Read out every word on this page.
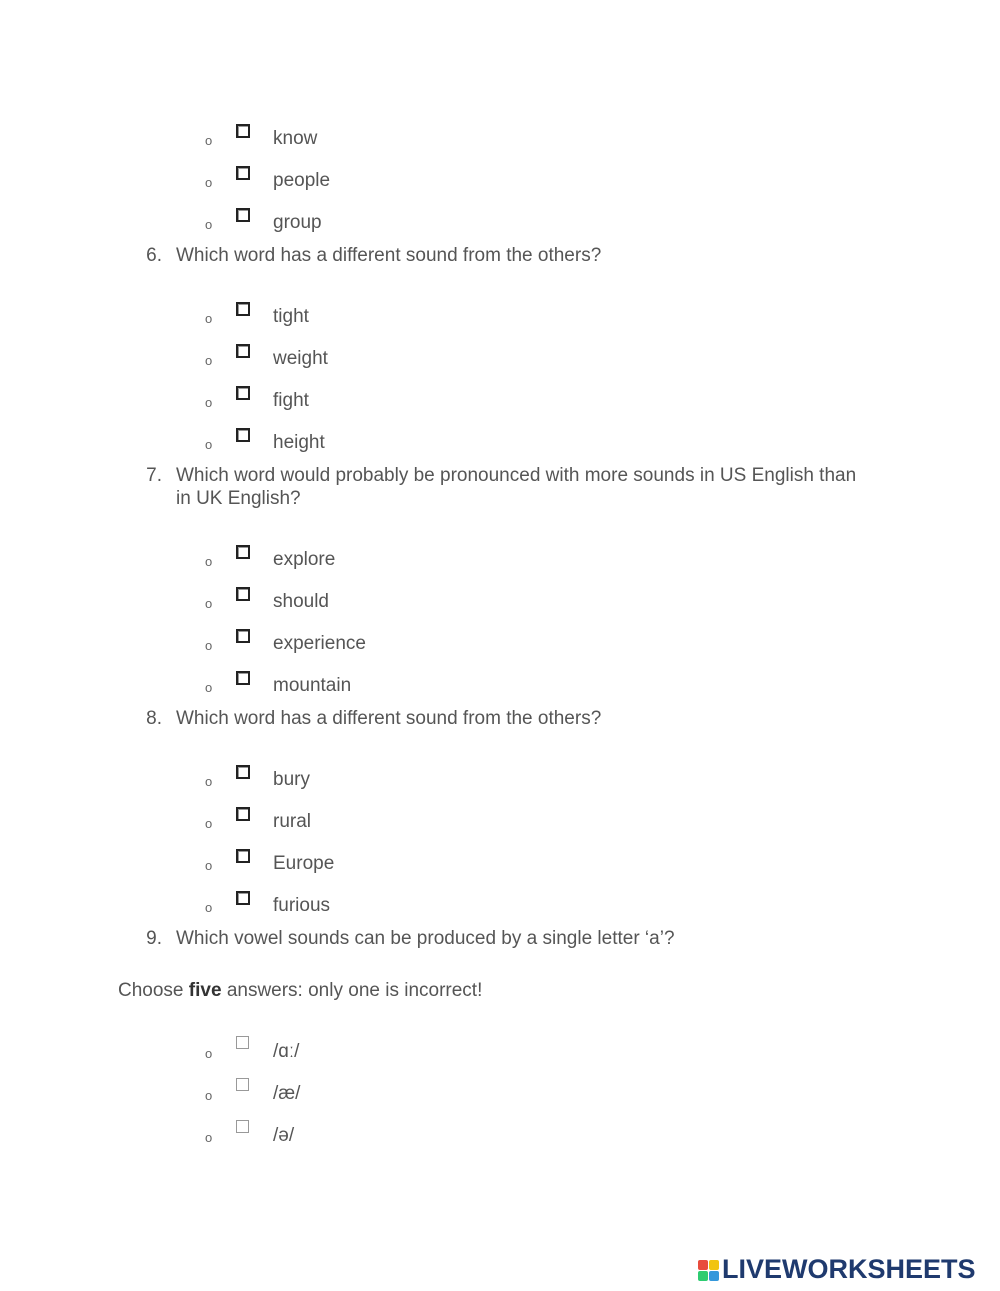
o	know
o	people
o	group
6. Which word has a different sound from the others?
o	tight
o	weight
o	fight
o	height
7. Which word would probably be pronounced with more sounds in US English than
in UK English?
o	explore
o	should
o	experience
o	mountain
8. Which word has a different sound from the others?
o	bury
o	rural
o	Europe
o	furious
9. Which vowel sounds can be produced by a single letter ‘a’?
Choose five answers: only one is incorrect!
o	/ɑː/
o	/æ/
o	/ə/
LIVEWORKSHEETS
